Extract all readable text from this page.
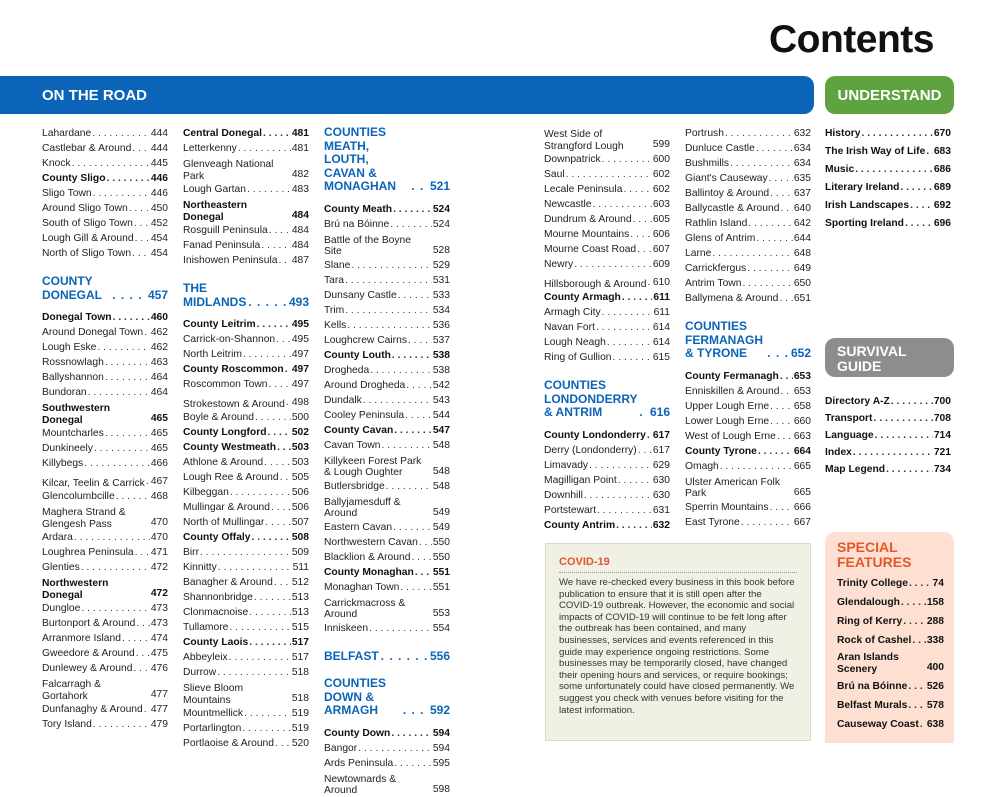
Contents
ON THE ROAD	UNDERSTAND
Lahardane . . .	444
Castlebar & Around . . . 444
Knock . . .	445
County Sligo . . .	446
Sligo Town . . .	446
Around Sligo Town . . . 450
South of Sligo Town . . . 452
Lough Gill & Around . . . 454
North of Sligo Town . . . 454
COUNTY DONEGAL . . .	457
Donegal Town . . .	460
Around Donegal Town . . . 462
Lough Eske . . .	462
Rossnowlagh . . .	463
Ballyshannon . . .	464
Bundoran . . .	464
Southwestern Donegal	465
Mountcharles . . .	465
Dunkineely . . .	465
Killybegs . . .	466
Kilcar, Teelin & Carrick . . . 467
Glencolumbcille . . .	468
Maghera Strand & Glengesh Pass	470
Ardara . . .	470
Loughrea Peninsula . . . 471
Glenties . . .	472
Northwestern Donegal	472
Dungloe . . .	473
Burtonport & Around . . . 473
Arranmore Island . . .	474
Gweedore & Around . . . 475
Dunlewey & Around . . . 476
Falcarragh & Gortahork	477
Dunfanaghy & Around . . . 477
Tory Island . . .	479
Central Donegal . . .	481
Letterkenny . . .	481
Glenveagh National Park	482
Lough Gartan . . .	483
Northeastern Donegal	484
Rosguill Peninsula . . . 484
Fanad Peninsula . . .	484
Inishowen Peninsula . . . 487
THE MIDLANDS . . .	493
County Leitrim . . .	495
Carrick-on-Shannon . . . 495
North Leitrim . . .	497
County Roscommon . . . 497
Roscommon Town . . . 497
Strokestown & Around . . . 498
Boyle & Around . . .	500
County Longford . . . 502
County Westmeath . . . 503
Athlone & Around . . .	503
Lough Ree & Around . . . 505
Kilbeggan . . .	506
Mullingar & Around . . . 506
North of Mullingar . . .	507
County Offaly . . .	508
Birr . . .	509
Kinnitty . . .	511
Banagher & Around . . . 512
Shannonbridge . . .	513
Clonmacnoise . . .	513
Tullamore . . .	515
County Laois . . .	517
Abbeyleix . . .	517
Durrow . . .	518
Slieve Bloom Mountains	518
Mountmellick . . .	519
Portarlington . . .	519
Portlaoise & Around . . . 520
COUNTIES MEATH, LOUTH, CAVAN & MONAGHAN . . .	521
County Meath . . .	524
Brú na Bóinne . . .	524
Battle of the Boyne Site	528
Slane . . .	529
Tara . . .	531
Dunsany Castle . . .	533
Trim . . .	534
Kells . . .	536
Loughcrew Cairns . . .	537
County Louth . . .	538
Drogheda . . .	538
Around Drogheda . . .	542
Dundalk . . .	543
Cooley Peninsula . . .	544
County Cavan . . .	547
Cavan Town . . .	548
Killykeen Forest Park & Lough Oughter	548
Butlersbridge . . .	548
Ballyjamesduff & Around	549
Eastern Cavan . . .	549
Northwestern Cavan . . . 550
Blacklion & Around . . . 550
County Monaghan . . . 551
Monaghan Town . . .	551
Carrickmacross & Around	553
Inniskeen . . .	554
BELFAST . . .	556
COUNTIES DOWN & ARMAGH . . .	592
County Down . . .	594
Bangor . . .	594
Ards Peninsula . . .	595
Newtownards & Around	598
West Side of Strangford Lough	599
Downpatrick . . .	600
Saul . . .	602
Lecale Peninsula . . .	602
Newcastle . . .	603
Dundrum & Around . . . 605
Mourne Mountains . . . 606
Mourne Coast Road . . . 607
Newry . . .	609
Hillsborough & Around . . . 610
County Armagh . . .	611
Armagh City . . .	611
Navan Fort . . .	614
Lough Neagh . . .	614
Ring of Gullion . . .	615
COUNTIES LONDONDERRY & ANTRIM . . .	616
County Londonderry . . . 617
Derry (Londonderry) . . . 617
Limavady . . .	629
Magilligan Point . . .	630
Downhill . . .	630
Portstewart . . .	631
County Antrim . . .	632
Portrush . . .	632
Dunluce Castle . . .	634
Bushmills . . .	634
Giant's Causeway . . .	635
Ballintoy & Around . . . 637
Ballycastle & Around . . . 640
Rathlin Island . . .	642
Glens of Antrim . . .	644
Larne . . .	648
Carrickfergus . . .	649
Antrim Town . . .	650
Ballymena & Around . . . 651
COUNTIES FERMANAGH & TYRONE . . .	652
County Fermanagh . . . 653
Enniskillen & Around . . . 653
Upper Lough Erne . . . 658
Lower Lough Erne . . . 660
West of Lough Erne . . . 663
County Tyrone . . .	664
Omagh . . .	665
Ulster American Folk Park	665
Sperrin Mountains . . . 666
East Tyrone . . .	667
History . . .	670
The Irish Way of Life . . . 683
Music . . .	686
Literary Ireland . . .	689
Irish Landscapes . . . 692
Sporting Ireland . . .	696
SURVIVAL GUIDE
Directory A-Z . . .	700
Transport . . .	708
Language . . .	714
Index . . .	721
Map Legend . . .	734
SPECIAL FEATURES
Trinity College . . . 74
Glendalough . . .	158
Ring of Kerry . . . 288
Rock of Cashel . . . 338
Aran Islands Scenery	400
Brú na Bóinne . . . 526
Belfast Murals . . . 578
Causeway Coast . . . 638
COVID-19
We have re-checked every business in this book before publication to ensure that it is still open after the COVID-19 outbreak. However, the economic and social impacts of COVID-19 will continue to be felt long after the outbreak has been contained, and many businesses, services and events referenced in this guide may experience ongoing restrictions. Some businesses may be temporarily closed, have changed their opening hours and services, or require bookings; some unfortunately could have closed permanently. We suggest you check with venues before visiting for the latest information.
